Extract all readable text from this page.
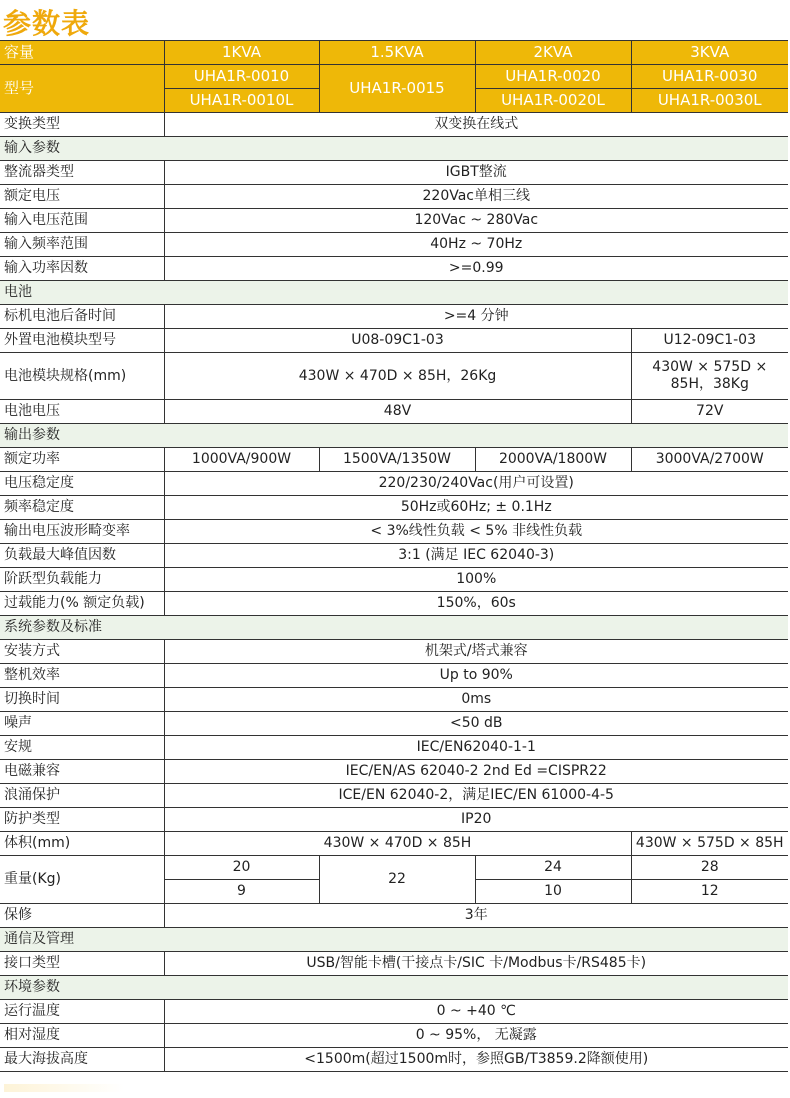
参数表
容量	1KVA	1.5KVA	2KVA	3KVA
型号	UHA1R-0010	UHA1R-0015	UHA1R-0020	UHA1R-0030
	UHA1R-0010L		UHA1R-0020L	UHA1R-0030L
变换类型	双变换在线式			
输入参数				
整流器类型	IGBT整流			
额定电压	220Vac单相三线			
输入电压范围	120Vac ~ 280Vac			
输入频率范围	40Hz ~ 70Hz			
输入功率因数	>=0.99			
电池				
标机电池后备时间	>=4 分钟			
外置电池模块型号	U08-09C1-03			U12-09C1-03
电池模块规格(mm)	430W × 470D × 85H，26Kg			430W × 575D × 85H，38Kg
电池电压	48V			72V
输出参数				
额定功率	1000VA/900W	1500VA/1350W	2000VA/1800W	3000VA/2700W
电压稳定度	220/230/240Vac(用户可设置)			
频率稳定度	50Hz或60Hz; ± 0.1Hz			
输出电压波形畸变率	< 3%线性负载 < 5% 非线性负载			
负载最大峰值因数	3:1 (满足 IEC 62040-3)			
阶跃型负载能力	100%			
过载能力(% 额定负载)	150%，60s			
系统参数及标准				
安装方式	机架式/塔式兼容			
整机效率	Up to 90%			
切换时间	0ms			
噪声	<50 dB			
安规	IEC/EN62040-1-1			
电磁兼容	IEC/EN/AS 62040-2 2nd Ed =CISPR22			
浪涌保护	ICE/EN 62040-2，满足IEC/EN 61000-4-5			
防护类型	IP20			
体积(mm)	430W × 470D × 85H			430W × 575D × 85H
重量(Kg)	20	22	24	28
	9		10	12
保修	3年			
通信及管理				
接口类型	USB/智能卡槽(干接点卡/SIC 卡/Modbus卡/RS485卡)			
环境参数				
运行温度	0 ~ +40 ℃			
相对湿度	0 ~ 95%， 无凝露			
最大海拔高度	<1500m(超过1500m时，参照GB/T3859.2降额使用)			
